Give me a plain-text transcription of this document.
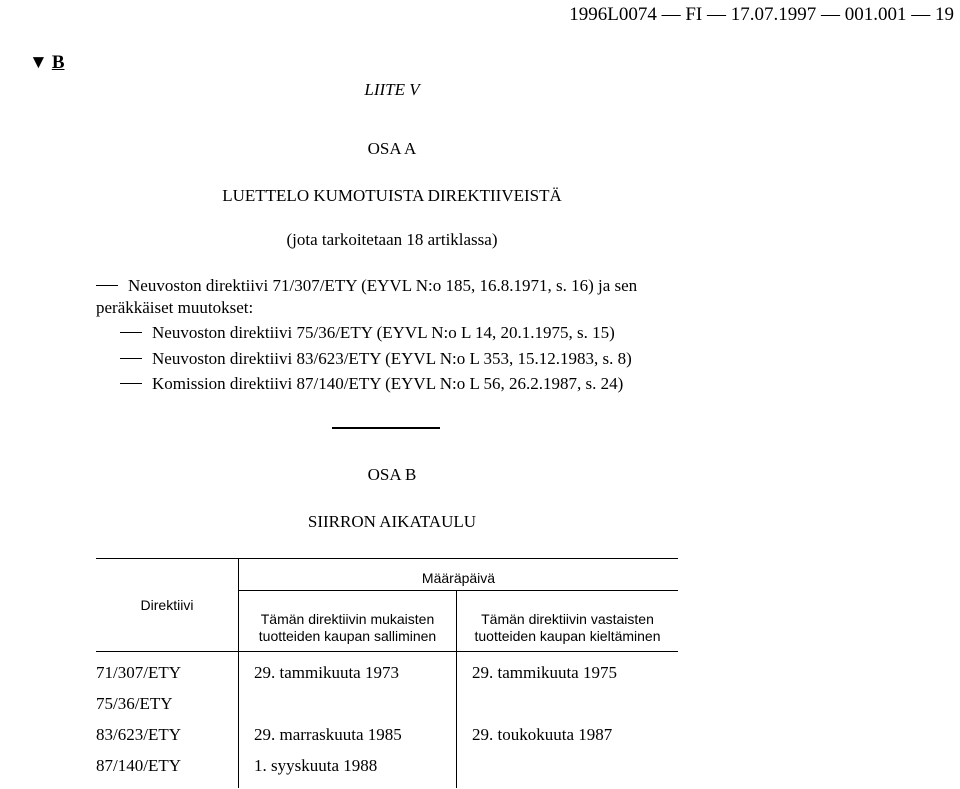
1996L0074 — FI — 17.07.1997 — 001.001 — 19
▼ B
LIITE V
OSA A
LUETTELO KUMOTUISTA DIREKTIIVEISTÄ
(jota tarkoitetaan 18 artiklassa)
Neuvoston direktiivi 71/307/ETY (EYVL N:o 185, 16.8.1971, s. 16) ja sen peräkkäiset muutokset:
Neuvoston direktiivi 75/36/ETY (EYVL N:o L 14, 20.1.1975, s. 15)
Neuvoston direktiivi 83/623/ETY (EYVL N:o L 353, 15.12.1983, s. 8)
Komission direktiivi 87/140/ETY (EYVL N:o L 56, 26.2.1987, s. 24)
OSA B
SIIRRON AIKATAULU
Direktiivi
Määräpäivä
Tämän direktiivin mukaisten tuotteiden kaupan salliminen
Tämän direktiivin vastaisten tuotteiden kaupan kieltäminen
71/307/ETY	29. tammikuuta 1973	29. tammikuuta 1975
75/36/ETY
83/623/ETY	29. marraskuuta 1985	29. toukokuuta 1987
87/140/ETY	1. syyskuuta 1988
